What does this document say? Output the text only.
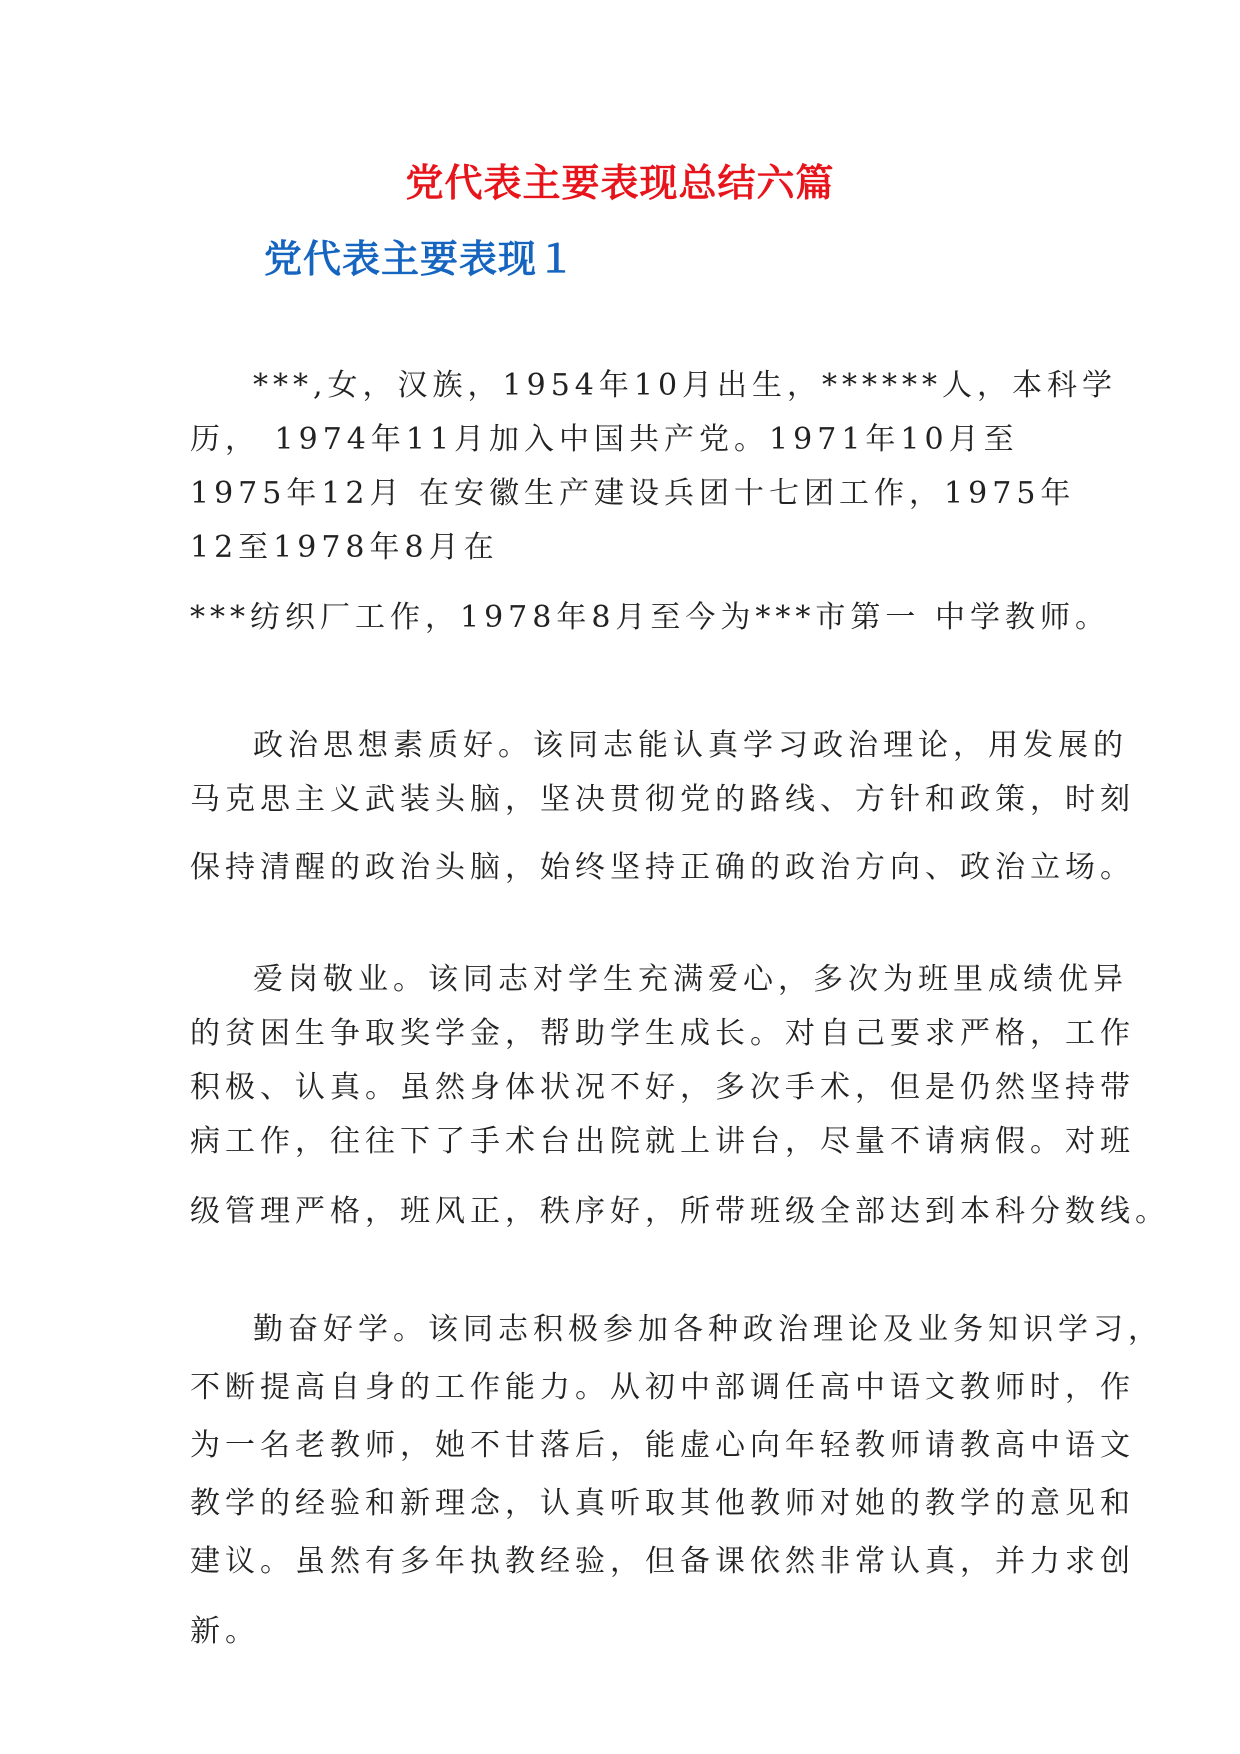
党代表主要表现总结六篇
党代表主要表现１
***,女，汉族，1954年10月出生，******人，本科学
历， 1974年11月加入中国共产党。1971年10月至
1975年12月 在安徽生产建设兵团十七团工作，1975年
12至1978年8月在
***纺织厂工作，1978年8月至今为***市第一 中学教师。
政治思想素质好。该同志能认真学习政治理论，用发展的
马克思主义武装头脑，坚决贯彻党的路线、方针和政策，时刻
保持清醒的政治头脑，始终坚持正确的政治方向、政治立场。
爱岗敬业。该同志对学生充满爱心，多次为班里成绩优异
的贫困生争取奖学金，帮助学生成长。对自己要求严格，工作
积极、认真。虽然身体状况不好，多次手术，但是仍然坚持带
病工作，往往下了手术台出院就上讲台，尽量不请病假。对班
级管理严格，班风正，秩序好，所带班级全部达到本科分数线。
勤奋好学。该同志积极参加各种政治理论及业务知识学习，
不断提高自身的工作能力。从初中部调任高中语文教师时，作
为一名老教师，她不甘落后，能虚心向年轻教师请教高中语文
教学的经验和新理念，认真听取其他教师对她的教学的意见和
建议。虽然有多年执教经验，但备课依然非常认真，并力求创
新。
